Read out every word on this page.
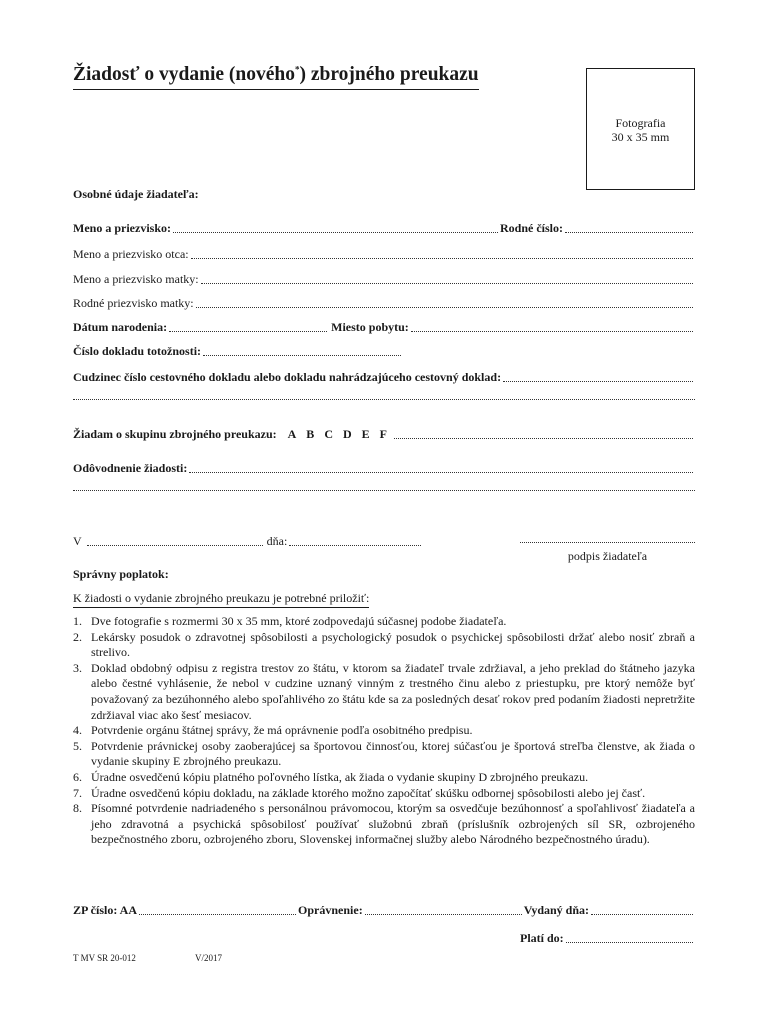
Žiadosť o vydanie (nového*) zbrojného preukazu
Fotografia
30 x 35 mm
Osobné údaje žiadateľa:
Meno a priezvisko:	Rodné číslo:
Meno a priezvisko otca:
Meno a priezvisko matky:
Rodné priezvisko matky:
Dátum narodenia:	Miesto pobytu:
Číslo dokladu totožnosti:
Cudzinec číslo cestovného dokladu alebo dokladu nahrádzajúceho cestovný doklad:
Žiadam o skupinu zbrojného preukazu: A B C D E F
Odôvodnenie žiadosti:
V	dňa:
podpis žiadateľa
Správny poplatok:
K žiadosti o vydanie zbrojného preukazu je potrebné priložiť:
1. Dve fotografie s rozmermi 30 x 35 mm, ktoré zodpovedajú súčasnej podobe žiadateľa.
2. Lekársky posudok o zdravotnej spôsobilosti a psychologický posudok o psychickej spôsobilosti držať alebo nosiť zbraň a strelivo.
3. Doklad obdobný odpisu z registra trestov zo štátu, v ktorom sa žiadateľ trvale zdržiaval, a jeho preklad do štátneho jazyka alebo čestné vyhlásenie, že nebol v cudzine uznaný vinným z trestného činu alebo z priestupku, pre ktorý nemôže byť považovaný za bezúhonného alebo spoľahlivého zo štátu kde sa za posledných desať rokov pred podaním žiadosti nepretržite zdržiaval viac ako šesť mesiacov.
4. Potvrdenie orgánu štátnej správy, že má oprávnenie podľa osobitného predpisu.
5. Potvrdenie právnickej osoby zaoberajúcej sa športovou činnosťou, ktorej súčasťou je športová streľba členstve, ak žiada o vydanie skupiny E zbrojného preukazu.
6. Úradne osvedčenú kópiu platného poľovného lístka, ak žiada o vydanie skupiny D zbrojného preukazu.
7. Úradne osvedčenú kópiu dokladu, na základe ktorého možno započítať skúšku odbornej spôsobilosti alebo jej časť.
8. Písomné potvrdenie nadriadeného s personálnou právomocou, ktorým sa osvedčuje bezúhonnosť a spoľahlivosť žiadateľa a jeho zdravotná a psychická spôsobilosť používať služobnú zbraň (príslušník ozbrojených síl SR, ozbrojeného bezpečnostného zboru, ozbrojeného zboru, Slovenskej informačnej služby alebo Národného bezpečnostného úradu).
ZP číslo: AA	Oprávnenie:	Vydaný dňa:
Platí do:
T MV SR 20-012	V/2017
